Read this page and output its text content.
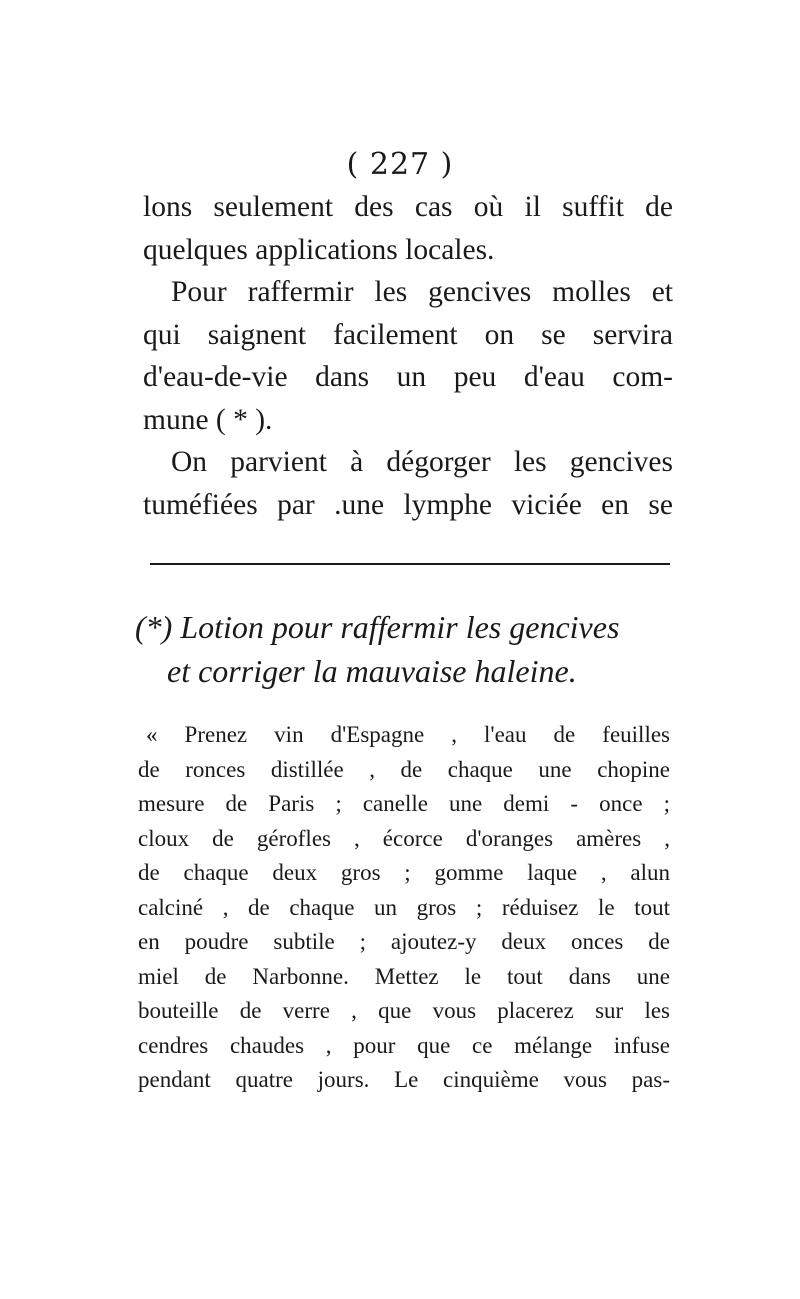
( 227 )
lons seulement des cas où il suffit de
quelques applications locales.
Pour raffermir les gencives molles et
qui saignent facilement on se servira
d'eau-de-vie dans un peu d'eau com-
mune ( * ).
On parvient à dégorger les gencives
tuméfiées par .une lymphe viciée en se
(*) Lotion pour raffermir les gencives
et corriger la mauvaise haleine.
« Prenez vin d'Espagne , l'eau de feuilles
de ronces distillée , de chaque une chopine
mesure de Paris ; canelle une demi - once ;
cloux de gérofles , écorce d'oranges amères ,
de chaque deux gros ; gomme laque , alun
calciné , de chaque un gros ; réduisez le tout
en poudre subtile ; ajoutez-y deux onces de
miel de Narbonne. Mettez le tout dans une
bouteille de verre , que vous placerez sur les
cendres chaudes , pour que ce mélange infuse
pendant quatre jours. Le cinquième vous pas-
